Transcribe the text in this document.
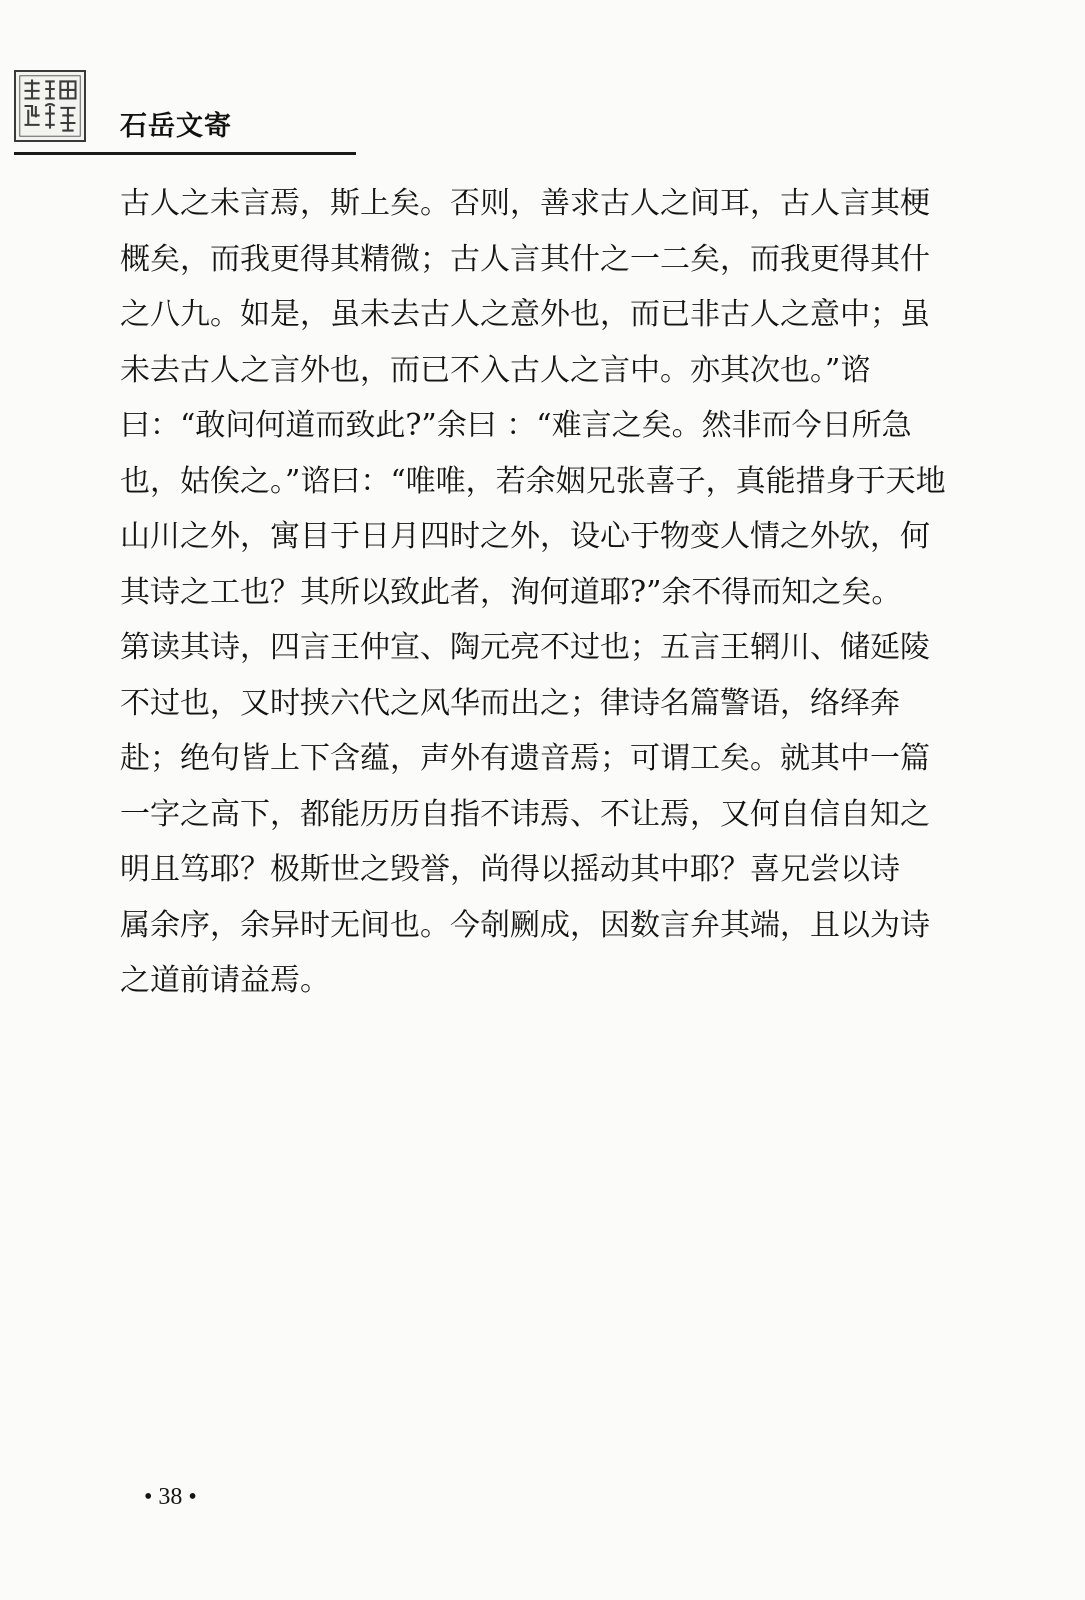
石岳文寄
古人之未言焉，斯上矣。否则，善求古人之间耳，古人言其梗
概矣，而我更得其精微；古人言其什之一二矣，而我更得其什
之八九。如是，虽未去古人之意外也，而已非古人之意中；虽
未去古人之言外也，而已不入古人之言中。亦其次也。”谘
曰：“敢问何道而致此?”余曰 ：“难言之矣。然非而今日所急
也，姑俟之。”谘曰：“唯唯，若余姻兄张喜子，真能措身于天地
山川之外，寓目于日月四时之外，设心于物变人情之外欤，何
其诗之工也？其所以致此者，洵何道耶?”余不得而知之矣。
第读其诗，四言王仲宣、陶元亮不过也；五言王辋川、储延陵
不过也，又时挟六代之风华而出之；律诗名篇警语，络绎奔
赴；绝句皆上下含蕴，声外有遗音焉；可谓工矣。就其中一篇
一字之高下，都能历历自指不讳焉、不让焉，又何自信自知之
明且笃耶？极斯世之毁誉，尚得以摇动其中耶？喜兄尝以诗
属余序，余异时无间也。今剞劂成，因数言弁其端，且以为诗
之道前请益焉。
• 38 •
